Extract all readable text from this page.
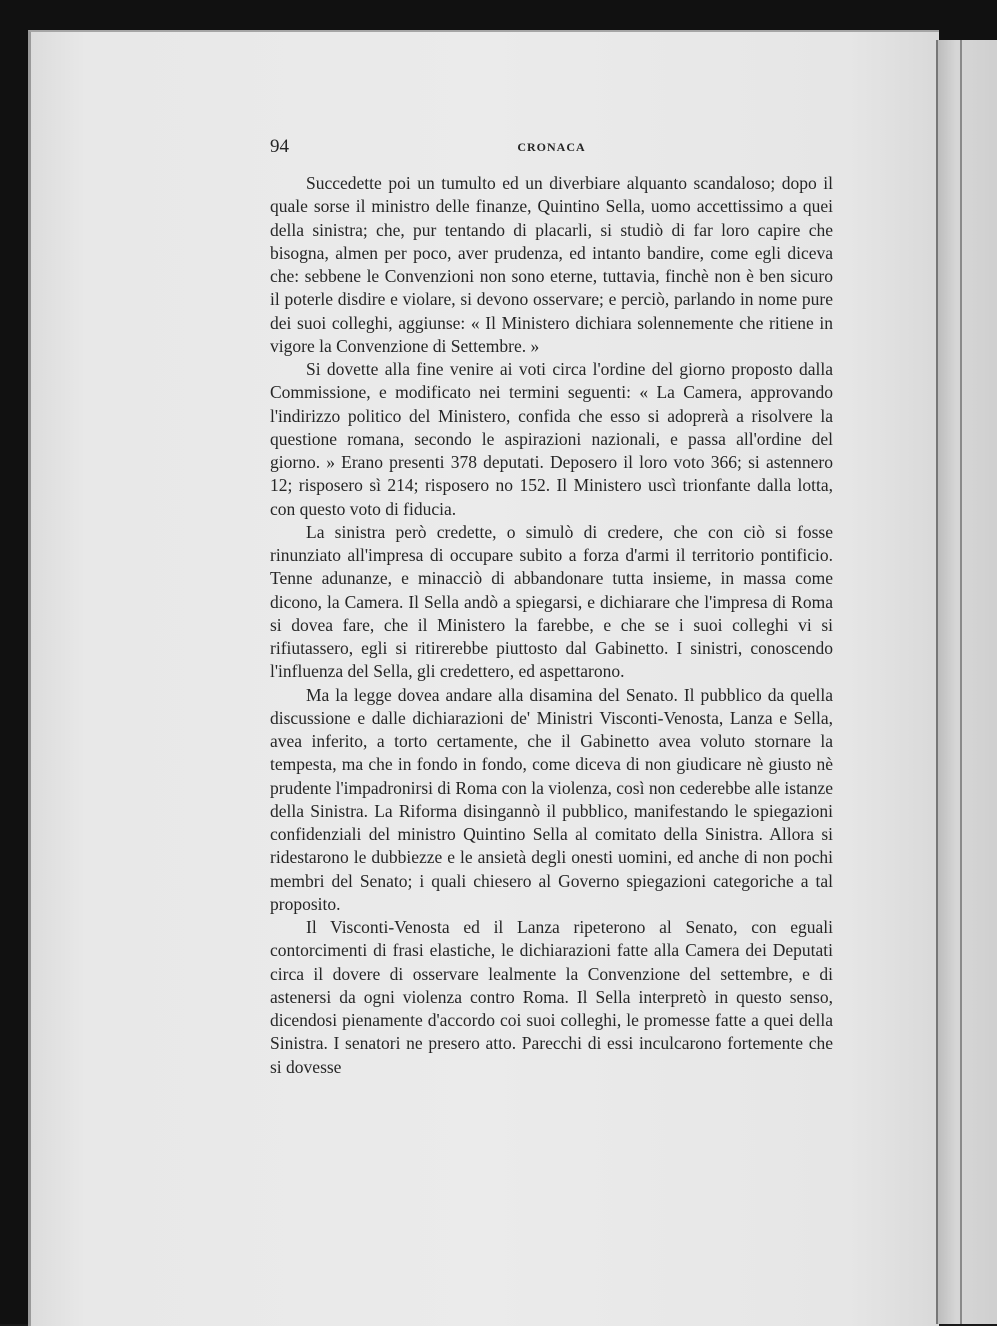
94	CRONACA

Succedette poi un tumulto ed un diverbiare alquanto scandaloso; dopo il quale sorse il ministro delle finanze, Quintino Sella, uomo accettissimo a quei della sinistra; che, pur tentando di placarli, si studiò di far loro capire che bisogna, almen per poco, aver prudenza, ed intanto bandire, come egli diceva che: sebbene le Convenzioni non sono eterne, tuttavia, finchè non è ben sicuro il poterle disdire e violare, si devono osservare; e perciò, parlando in nome pure dei suoi colleghi, aggiunse: « Il Ministero dichiara solennemente che ritiene in vigore la Convenzione di Settembre. »

Si dovette alla fine venire ai voti circa l'ordine del giorno proposto dalla Commissione, e modificato nei termini seguenti: « La Camera, approvando l'indirizzo politico del Ministero, confida che esso si adoprerà a risolvere la questione romana, secondo le aspirazioni nazionali, e passa all'ordine del giorno. » Erano presenti 378 deputati. Deposero il loro voto 366; si astennero 12; risposero sì 214; risposero no 152. Il Ministero uscì trionfante dalla lotta, con questo voto di fiducia.

La sinistra però credette, o simulò di credere, che con ciò si fosse rinunziato all'impresa di occupare subito a forza d'armi il territorio pontificio. Tenne adunanze, e minacciò di abbandonare tutta insieme, in massa come dicono, la Camera. Il Sella andò a spiegarsi, e dichiarare che l'impresa di Roma si dovea fare, che il Ministero la farebbe, e che se i suoi colleghi vi si rifiutassero, egli si ritirerebbe piuttosto dal Gabinetto. I sinistri, conoscendo l'influenza del Sella, gli credettero, ed aspettarono.

Ma la legge dovea andare alla disamina del Senato. Il pubblico da quella discussione e dalle dichiarazioni de' Ministri Visconti-Venosta, Lanza e Sella, avea inferito, a torto certamente, che il Gabinetto avea voluto stornare la tempesta, ma che in fondo in fondo, come diceva di non giudicare nè giusto nè prudente l'impadronirsi di Roma con la violenza, così non cederebbe alle istanze della Sinistra. La Riforma disingannò il pubblico, manifestando le spiegazioni confidenziali del ministro Quintino Sella al comitato della Sinistra. Allora si ridestarono le dubbiezze e le ansietà degli onesti uomini, ed anche di non pochi membri del Senato; i quali chiesero al Governo spiegazioni categoriche a tal proposito.

Il Visconti-Venosta ed il Lanza ripeterono al Senato, con eguali contorcimenti di frasi elastiche, le dichiarazioni fatte alla Camera dei Deputati circa il dovere di osservare lealmente la Convenzione del settembre, e di astenersi da ogni violenza contro Roma. Il Sella interpretò in questo senso, dicendosi pienamente d'accordo coi suoi colleghi, le promesse fatte a quei della Sinistra. I senatori ne presero atto. Parecchi di essi inculcarono fortemente che si dovesse
